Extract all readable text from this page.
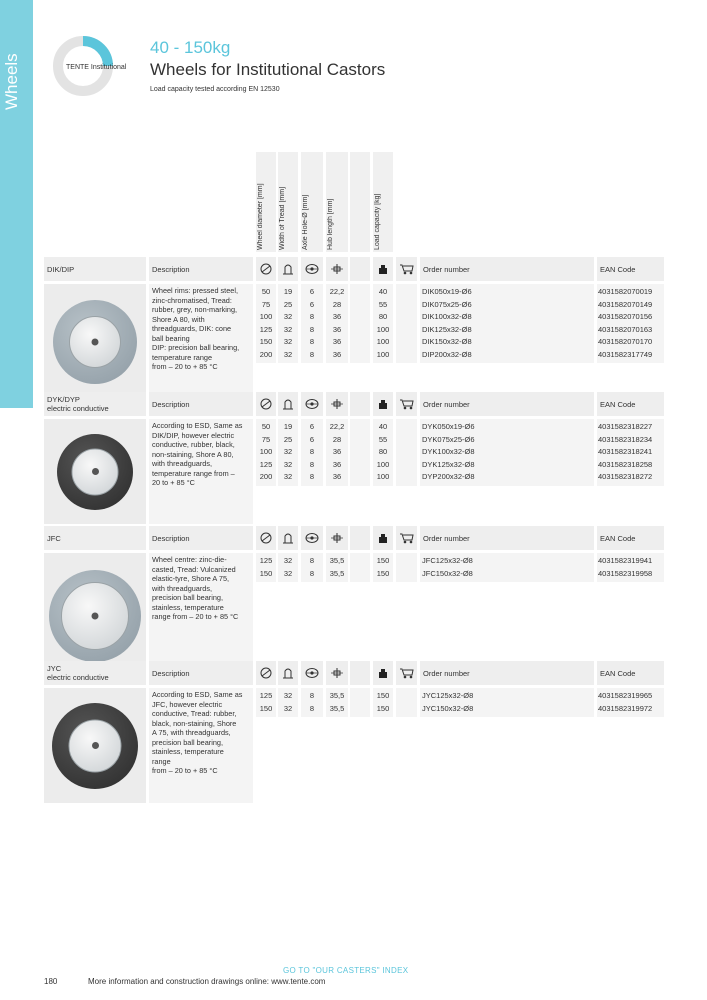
Wheels	TENTE Institutional
40 - 150kg
Wheels for Institutional Castors
Load capacity tested according EN 12530
Wheel diameter [mm]	Width of Tread [mm]	Axle Hole-Ø [mm]	Hub length [mm]	Load capacity [kg]
DIK/DIP	Description	Order number	EAN Code
Wheel rims: pressed steel,
zinc-chromatised, Tread:
rubber, grey, non-marking,
Shore A 80, with
threadguards, DIK: cone
ball bearing
DIP: precision ball bearing,
temperature range
from – 20 to + 85 °C
50	19	6	22,2	40	DIK050x19-Ø6	4031582070019
75	25	6	28	55	DIK075x25-Ø6	4031582070149
100	32	8	36	80	DIK100x32-Ø8	4031582070156
125	32	8	36	100	DIK125x32-Ø8	4031582070163
150	32	8	36	100	DIK150x32-Ø8	4031582070170
200	32	8	36	100	DIP200x32-Ø8	4031582317749
DYK/DYP
electric conductive	Description	Order number	EAN Code
According to ESD, Same as
DIK/DIP, however electric
conductive, rubber, black,
non-staining, Shore A 80,
with threadguards,
temperature range from –
20 to + 85 °C
50	19	6	22,2	40	DYK050x19-Ø6	4031582318227
75	25	6	28	55	DYK075x25-Ø6	4031582318234
100	32	8	36	80	DYK100x32-Ø8	4031582318241
125	32	8	36	100	DYK125x32-Ø8	4031582318258
200	32	8	36	100	DYP200x32-Ø8	4031582318272
JFC	Description	Order number	EAN Code
Wheel centre: zinc-die-
casted, Tread: Vulcanized
elastic-tyre, Shore A 75,
with threadguards,
precision ball bearing,
stainless, temperature
range from – 20 to + 85 °C
125	32	8	35,5	150	JFC125x32-Ø8	4031582319941
150	32	8	35,5	150	JFC150x32-Ø8	4031582319958
JYC
electric conductive	Description	Order number	EAN Code
According to ESD, Same as
JFC, however electric
conductive, Tread: rubber,
black, non-staining, Shore
A 75, with threadguards,
precision ball bearing,
stainless, temperature
range
from – 20 to + 85 °C
125	32	8	35,5	150	JYC125x32-Ø8	4031582319965
150	32	8	35,5	150	JYC150x32-Ø8	4031582319972
GO TO "OUR CASTERS" INDEX
180	More information and construction drawings online: www.tente.com
